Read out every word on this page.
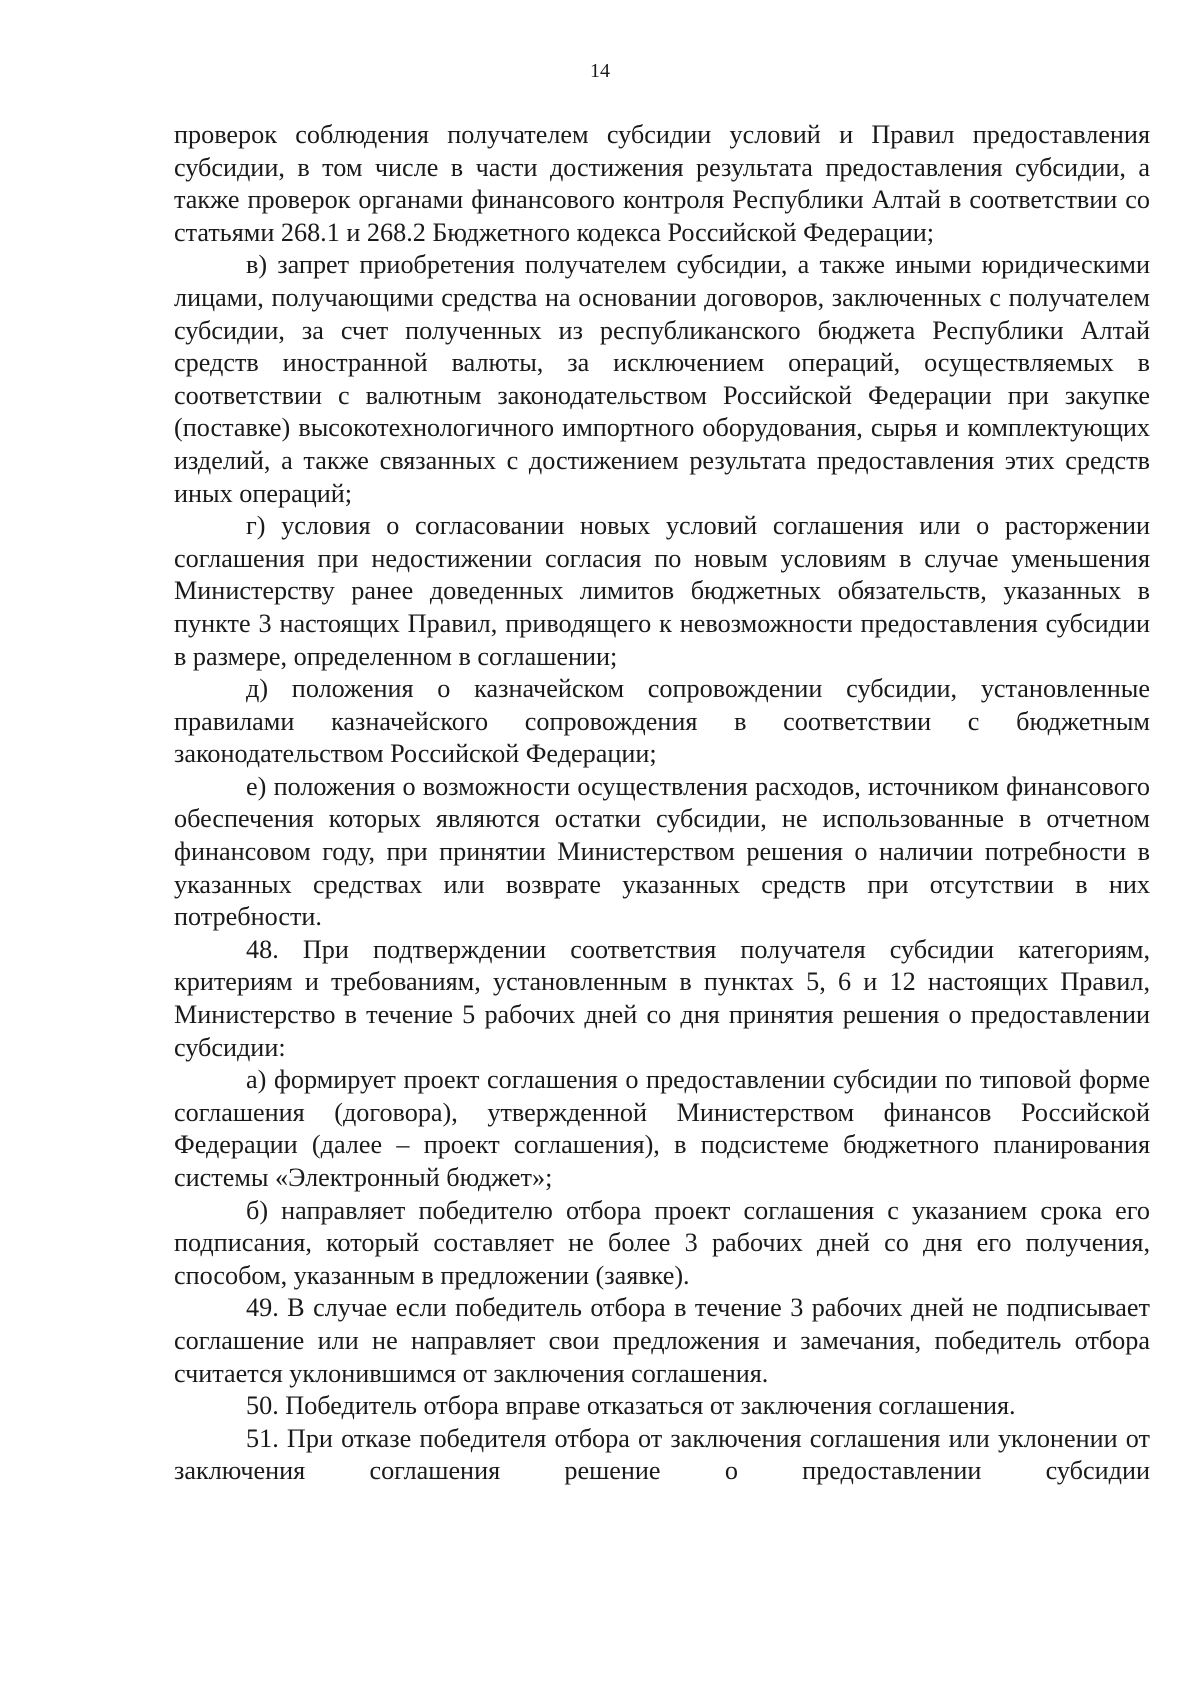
14

проверок соблюдения получателем субсидии условий и Правил предоставления субсидии, в том числе в части достижения результата предоставления субсидии, а также проверок органами финансового контроля Республики Алтай в соответствии со статьями 268.1 и 268.2 Бюджетного кодекса Российской Федерации;

в) запрет приобретения получателем субсидии, а также иными юридическими лицами, получающими средства на основании договоров, заключенных с получателем субсидии, за счет полученных из республиканского бюджета Республики Алтай средств иностранной валюты, за исключением операций, осуществляемых в соответствии с валютным законодательством Российской Федерации при закупке (поставке) высокотехнологичного импортного оборудования, сырья и комплектующих изделий, а также связанных с достижением результата предоставления этих средств иных операций;

г) условия о согласовании новых условий соглашения или о расторжении соглашения при недостижении согласия по новым условиям в случае уменьшения Министерству ранее доведенных лимитов бюджетных обязательств, указанных в пункте 3 настоящих Правил, приводящего к невозможности предоставления субсидии в размере, определенном в соглашении;

д) положения о казначейском сопровождении субсидии, установленные правилами казначейского сопровождения в соответствии с бюджетным законодательством Российской Федерации;

е) положения о возможности осуществления расходов, источником финансового обеспечения которых являются остатки субсидии, не использованные в отчетном финансовом году, при принятии Министерством решения о наличии потребности в указанных средствах или возврате указанных средств при отсутствии в них потребности.

48. При подтверждении соответствия получателя субсидии категориям, критериям и требованиям, установленным в пунктах 5, 6 и 12 настоящих Правил, Министерство в течение 5 рабочих дней со дня принятия решения о предоставлении субсидии:

а) формирует проект соглашения о предоставлении субсидии по типовой форме соглашения (договора), утвержденной Министерством финансов Российской Федерации (далее – проект соглашения), в подсистеме бюджетного планирования системы «Электронный бюджет»;

б) направляет победителю отбора проект соглашения с указанием срока его подписания, который составляет не более 3 рабочих дней со дня его получения, способом, указанным в предложении (заявке).

49. В случае если победитель отбора в течение 3 рабочих дней не подписывает соглашение или не направляет свои предложения и замечания, победитель отбора считается уклонившимся от заключения соглашения.

50. Победитель отбора вправе отказаться от заключения соглашения.

51. При отказе победителя отбора от заключения соглашения или уклонении от заключения соглашения решение о предоставлении субсидии
